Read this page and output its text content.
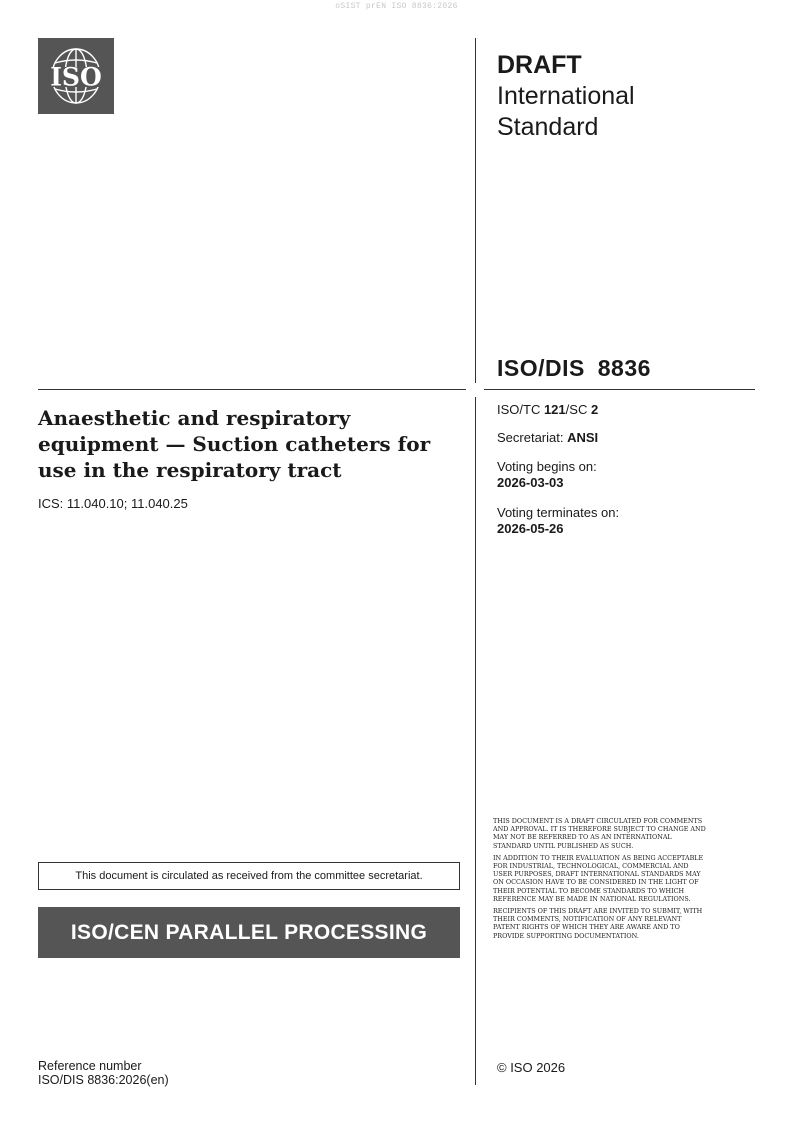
oSIST prEN ISO 8836:2026
ISO	DRAFT
International
Standard
ISO/DIS 8836
Anaesthetic and respiratory equipment — Suction catheters for use in the respiratory tract
ICS: 11.040.10; 11.040.25
ISO/TC 121/SC 2
Secretariat: ANSI
Voting begins on:
2026-03-03
Voting terminates on:
2026-05-26

THIS DOCUMENT IS A DRAFT CIRCULATED FOR COMMENTS AND APPROVAL. IT IS THEREFORE SUBJECT TO CHANGE AND MAY NOT BE REFERRED TO AS AN INTERNATIONAL STANDARD UNTIL PUBLISHED AS SUCH.

IN ADDITION TO THEIR EVALUATION AS BEING ACCEPTABLE FOR INDUSTRIAL, TECHNOLOGICAL, COMMERCIAL AND USER PURPOSES, DRAFT INTERNATIONAL STANDARDS MAY ON OCCASION HAVE TO BE CONSIDERED IN THE LIGHT OF THEIR POTENTIAL TO BECOME STANDARDS TO WHICH REFERENCE MAY BE MADE IN NATIONAL REGULATIONS.

RECIPIENTS OF THIS DRAFT ARE INVITED TO SUBMIT, WITH THEIR COMMENTS, NOTIFICATION OF ANY RELEVANT PATENT RIGHTS OF WHICH THEY ARE AWARE AND TO PROVIDE SUPPORTING DOCUMENTATION.

This document is circulated as received from the committee secretariat.
ISO/CEN PARALLEL PROCESSING
Reference number
ISO/DIS 8836:2026(en)
© ISO 2026
